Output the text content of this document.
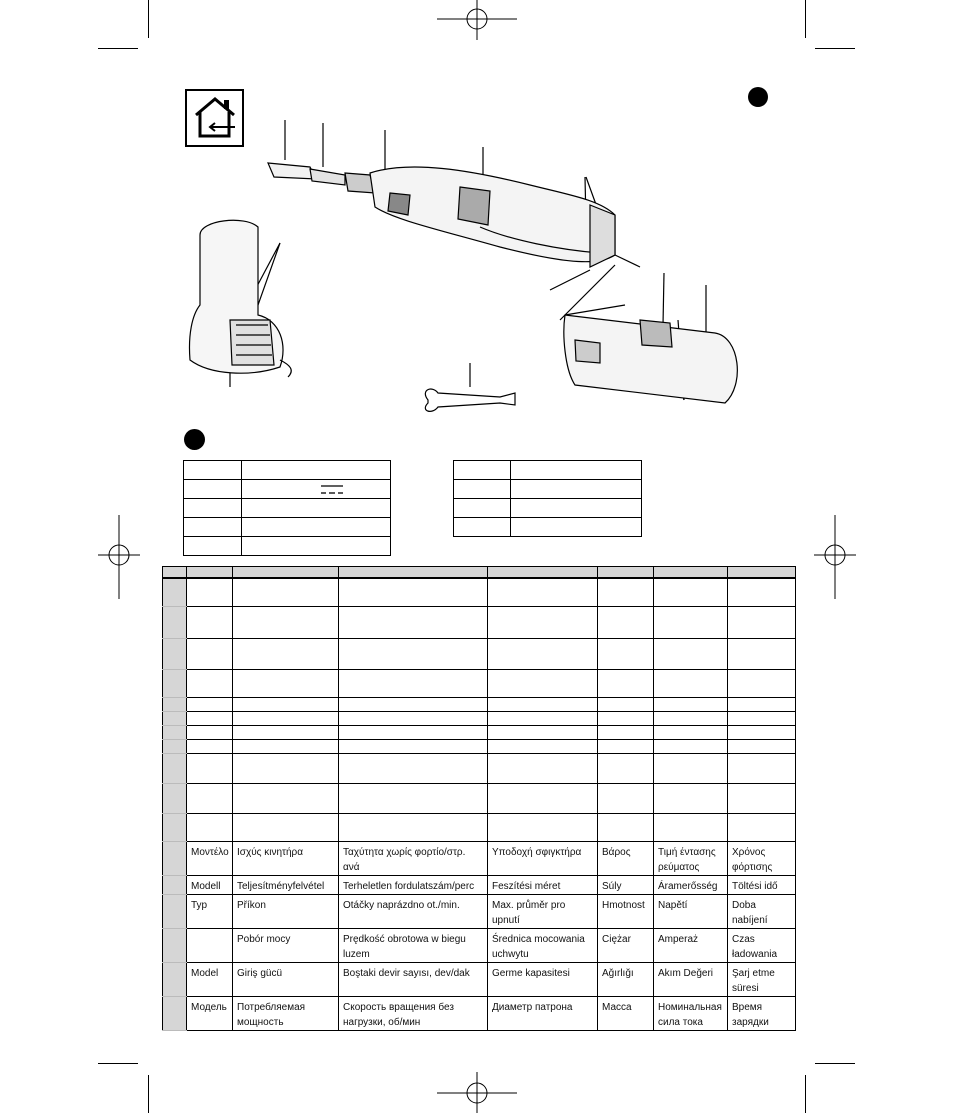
	Μοντέλο	Ισχύς κινητήρα	Ταχύτητα χωρίς φορτίο/στρ. ανά	Υποδοχή σφιγκτήρα	Βάρος	Τιμή έντασης ρεύματος	Χρόνος φόρτισης
	Modell	Teljesítményfelvétel	Terheletlen fordulatszám/perc	Feszítési méret	Súly	Áramerősség	Töltési idő
	Typ	Příkon	Otáčky naprázdno ot./min.	Max. průměr pro upnutí	Hmotnost	Napětí	Doba nabíjení
		Pobór mocy	Prędkość obrotowa w biegu luzem	Średnica mocowania uchwytu	Ciężar	Amperaż	Czas ładowania
	Model	Giriş gücü	Boştaki devir sayısı, dev/dak	Germe kapasitesi	Ağırlığı	Akım Değeri	Şarj etme süresi
	Модель	Потребляемая мощность	Скорость вращения без нагрузки, об/мин	Диаметр патрона	Масса	Номинальная сила тока	Время зарядки
